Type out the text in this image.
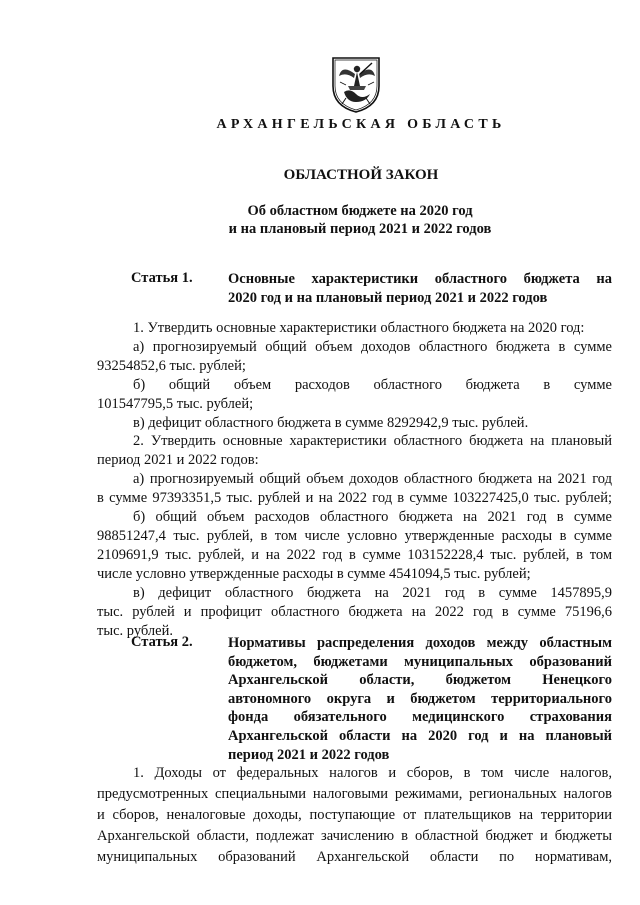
АРХАНГЕЛЬСКАЯ ОБЛАСТЬ
ОБЛАСТНОЙ ЗАКОН
Об областном бюджете на 2020 год
и на плановый период 2021 и 2022 годов
Статья 1. Основные характеристики областного бюджета на
2020 год и на плановый период 2021 и 2022 годов
1. Утвердить основные характеристики областного бюджета на 2020 год:
а) прогнозируемый общий объем доходов областного бюджета в сумме
93254852,6 тыс. рублей;
б) общий объем расходов областного бюджета в сумме
101547795,5 тыс. рублей;
в) дефицит областного бюджета в сумме 8292942,9 тыс. рублей.
2. Утвердить основные характеристики областного бюджета на плановый
период 2021 и 2022 годов:
а) прогнозируемый общий объем доходов областного бюджета на 2021 год
в сумме 97393351,5 тыс. рублей и на 2022 год в сумме 103227425,0 тыс. рублей;
б) общий объем расходов областного бюджета на 2021 год в сумме
98851247,4 тыс. рублей, в том числе условно утвержденные расходы в сумме
2109691,9 тыс. рублей, и на 2022 год в сумме 103152228,4 тыс. рублей, в том
числе условно утвержденные расходы в сумме 4541094,5 тыс. рублей;
в) дефицит областного бюджета на 2021 год в сумме 1457895,9
тыс. рублей и профицит областного бюджета на 2022 год в сумме 75196,6
тыс. рублей.
Статья 2. Нормативы распределения доходов между областным
бюджетом, бюджетами муниципальных образований
Архангельской области, бюджетом Ненецкого
автономного округа и бюджетом территориального
фонда обязательного медицинского страхования
Архангельской области на 2020 год и на плановый
период 2021 и 2022 годов
1. Доходы от федеральных налогов и сборов, в том числе налогов,
предусмотренных специальными налоговыми режимами, региональных налогов
и сборов, неналоговые доходы, поступающие от плательщиков на территории
Архангельской области, подлежат зачислению в областной бюджет и бюджеты
муниципальных образований Архангельской области по нормативам,
